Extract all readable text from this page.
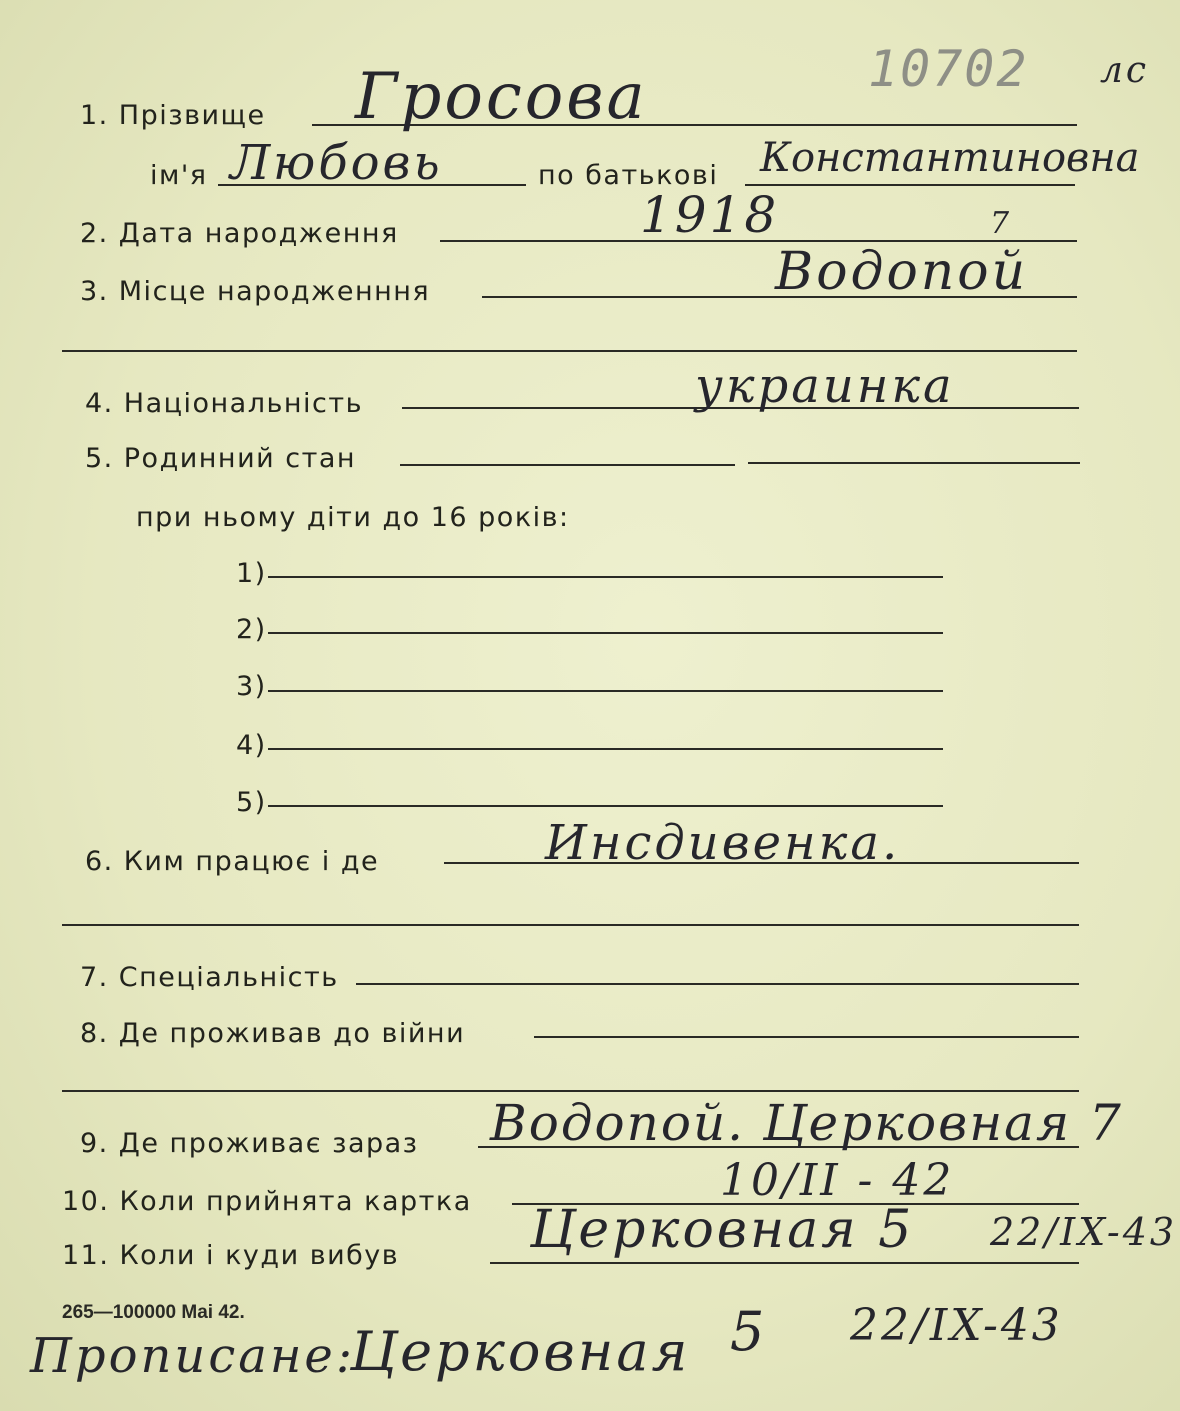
10702 лс
1. Прізвище Гросова
ім'я Любовь	по батькові Константиновна
2. Дата народження	1918	7
3. Місце народженння	Водопой
4. Національність	украинка
5. Родинний стан
при ньому діти до 16 років:
1)
2)
3)
4)
5)
6. Ким працює і де	Инсдивенка.
7. Спеціальність
8. Де проживав до війни
9. Де проживає зараз Водопой. Церковная 7
10. Коли прийнята картка	10/II - 42
11. Коли і куди вибув	Церковная 5 22/IX-43
265—100000 Mai 42.
Прописане:
Церковная 5 22/IX-43
